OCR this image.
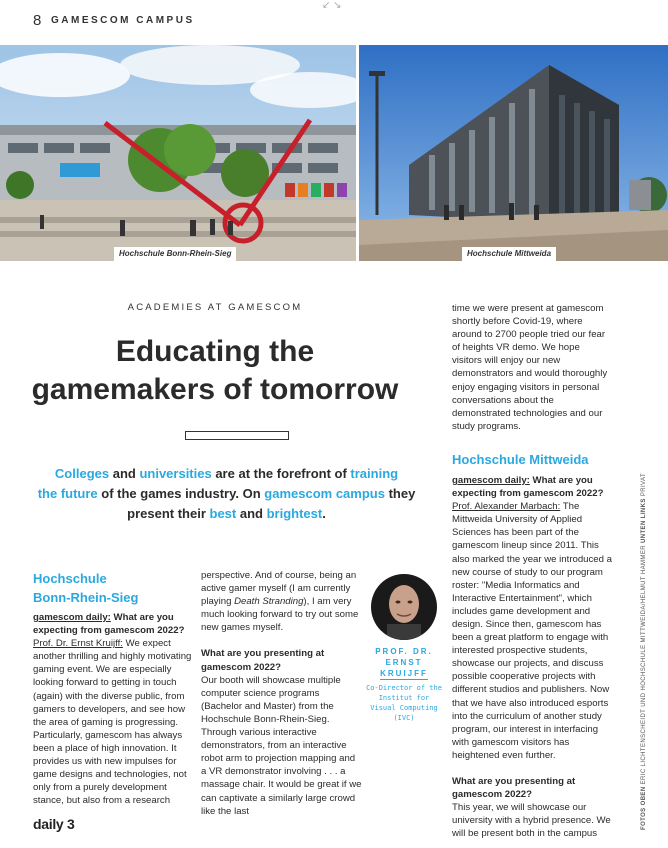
8 GAMESCOM CAMPUS
↙ ↘
Hochschule Bonn-Rhein-Sieg	Hochschule Mittweida
ACADEMIES AT GAMESCOM
Educating the
gamemakers of tomorrow
Colleges and universities are at the forefront of training
the future of the games industry. On gamescom campus they
present their best and brightest.
Hochschule
Bonn-Rhein-Sieg

gamescom daily: What are you expecting from gamescom 2022?

Prof. Dr. Ernst Kruijff: We expect another thrilling and highly motivating gaming event. We are especially looking forward to getting in touch (again) with the diverse public, from gamers to developers, and see how the area of gaming is progressing. Particularly, gamescom has always been a place of high innovation. It provides us with new impulses for game designs and technologies, not only from a purely development stance, but also from a research

perspective. And of course, being an active gamer myself (I am currently playing Death Stranding), I am very much looking forward to try out some new games myself.

What are you presenting at gamescom 2022?

Our booth will showcase multiple computer science programs (Bachelor and Master) from the Hochschule Bonn-Rhein-Sieg. Through various interactive demonstrators, from an interactive robot arm to projection mapping and a VR demonstrator involving . . . a massage chair. It would be great if we can captivate a similarly large crowd like the last

PROF. DR.
ERNST
KRUIJFF
Co-Director of the Institut for Visual Computing (IVC)

time we were present at gamescom shortly before Covid-19, where around to 2700 people tried our fear of heights VR demo. We hope visitors will enjoy our new demonstrators and would thoroughly enjoy engaging visitors in personal conversations about the demonstrated technologies and our study programs.

Hochschule Mittweida

gamescom daily: What are you expecting from gamescom 2022?

Prof. Alexander Marbach: The Mittweida University of Applied Sciences has been part of the gamescom lineup since 2011. This also marked the year we introduced a new course of study to our program roster: "Media Informatics and Interactive Entertainment", which includes game development and design. Since then, gamescom has been a great platform to engage with interested prospective students, showcase our projects, and discuss possible cooperative projects with different studios and publishers. Now that we have also introduced esports into the curriculum of another study program, our interest in interfacing with gamescom visitors has heightened even further.

What are you presenting at gamescom 2022?

This year, we will showcase our university with a hybrid presence. We will be present both in the campus

FOTOS OBEN ERIC LICHTENSCHEIDT UND HOCHSCHULE MITTWEIDA/HELMUT HAMMER UNTEN LINKS PRIVAT
daily 3
